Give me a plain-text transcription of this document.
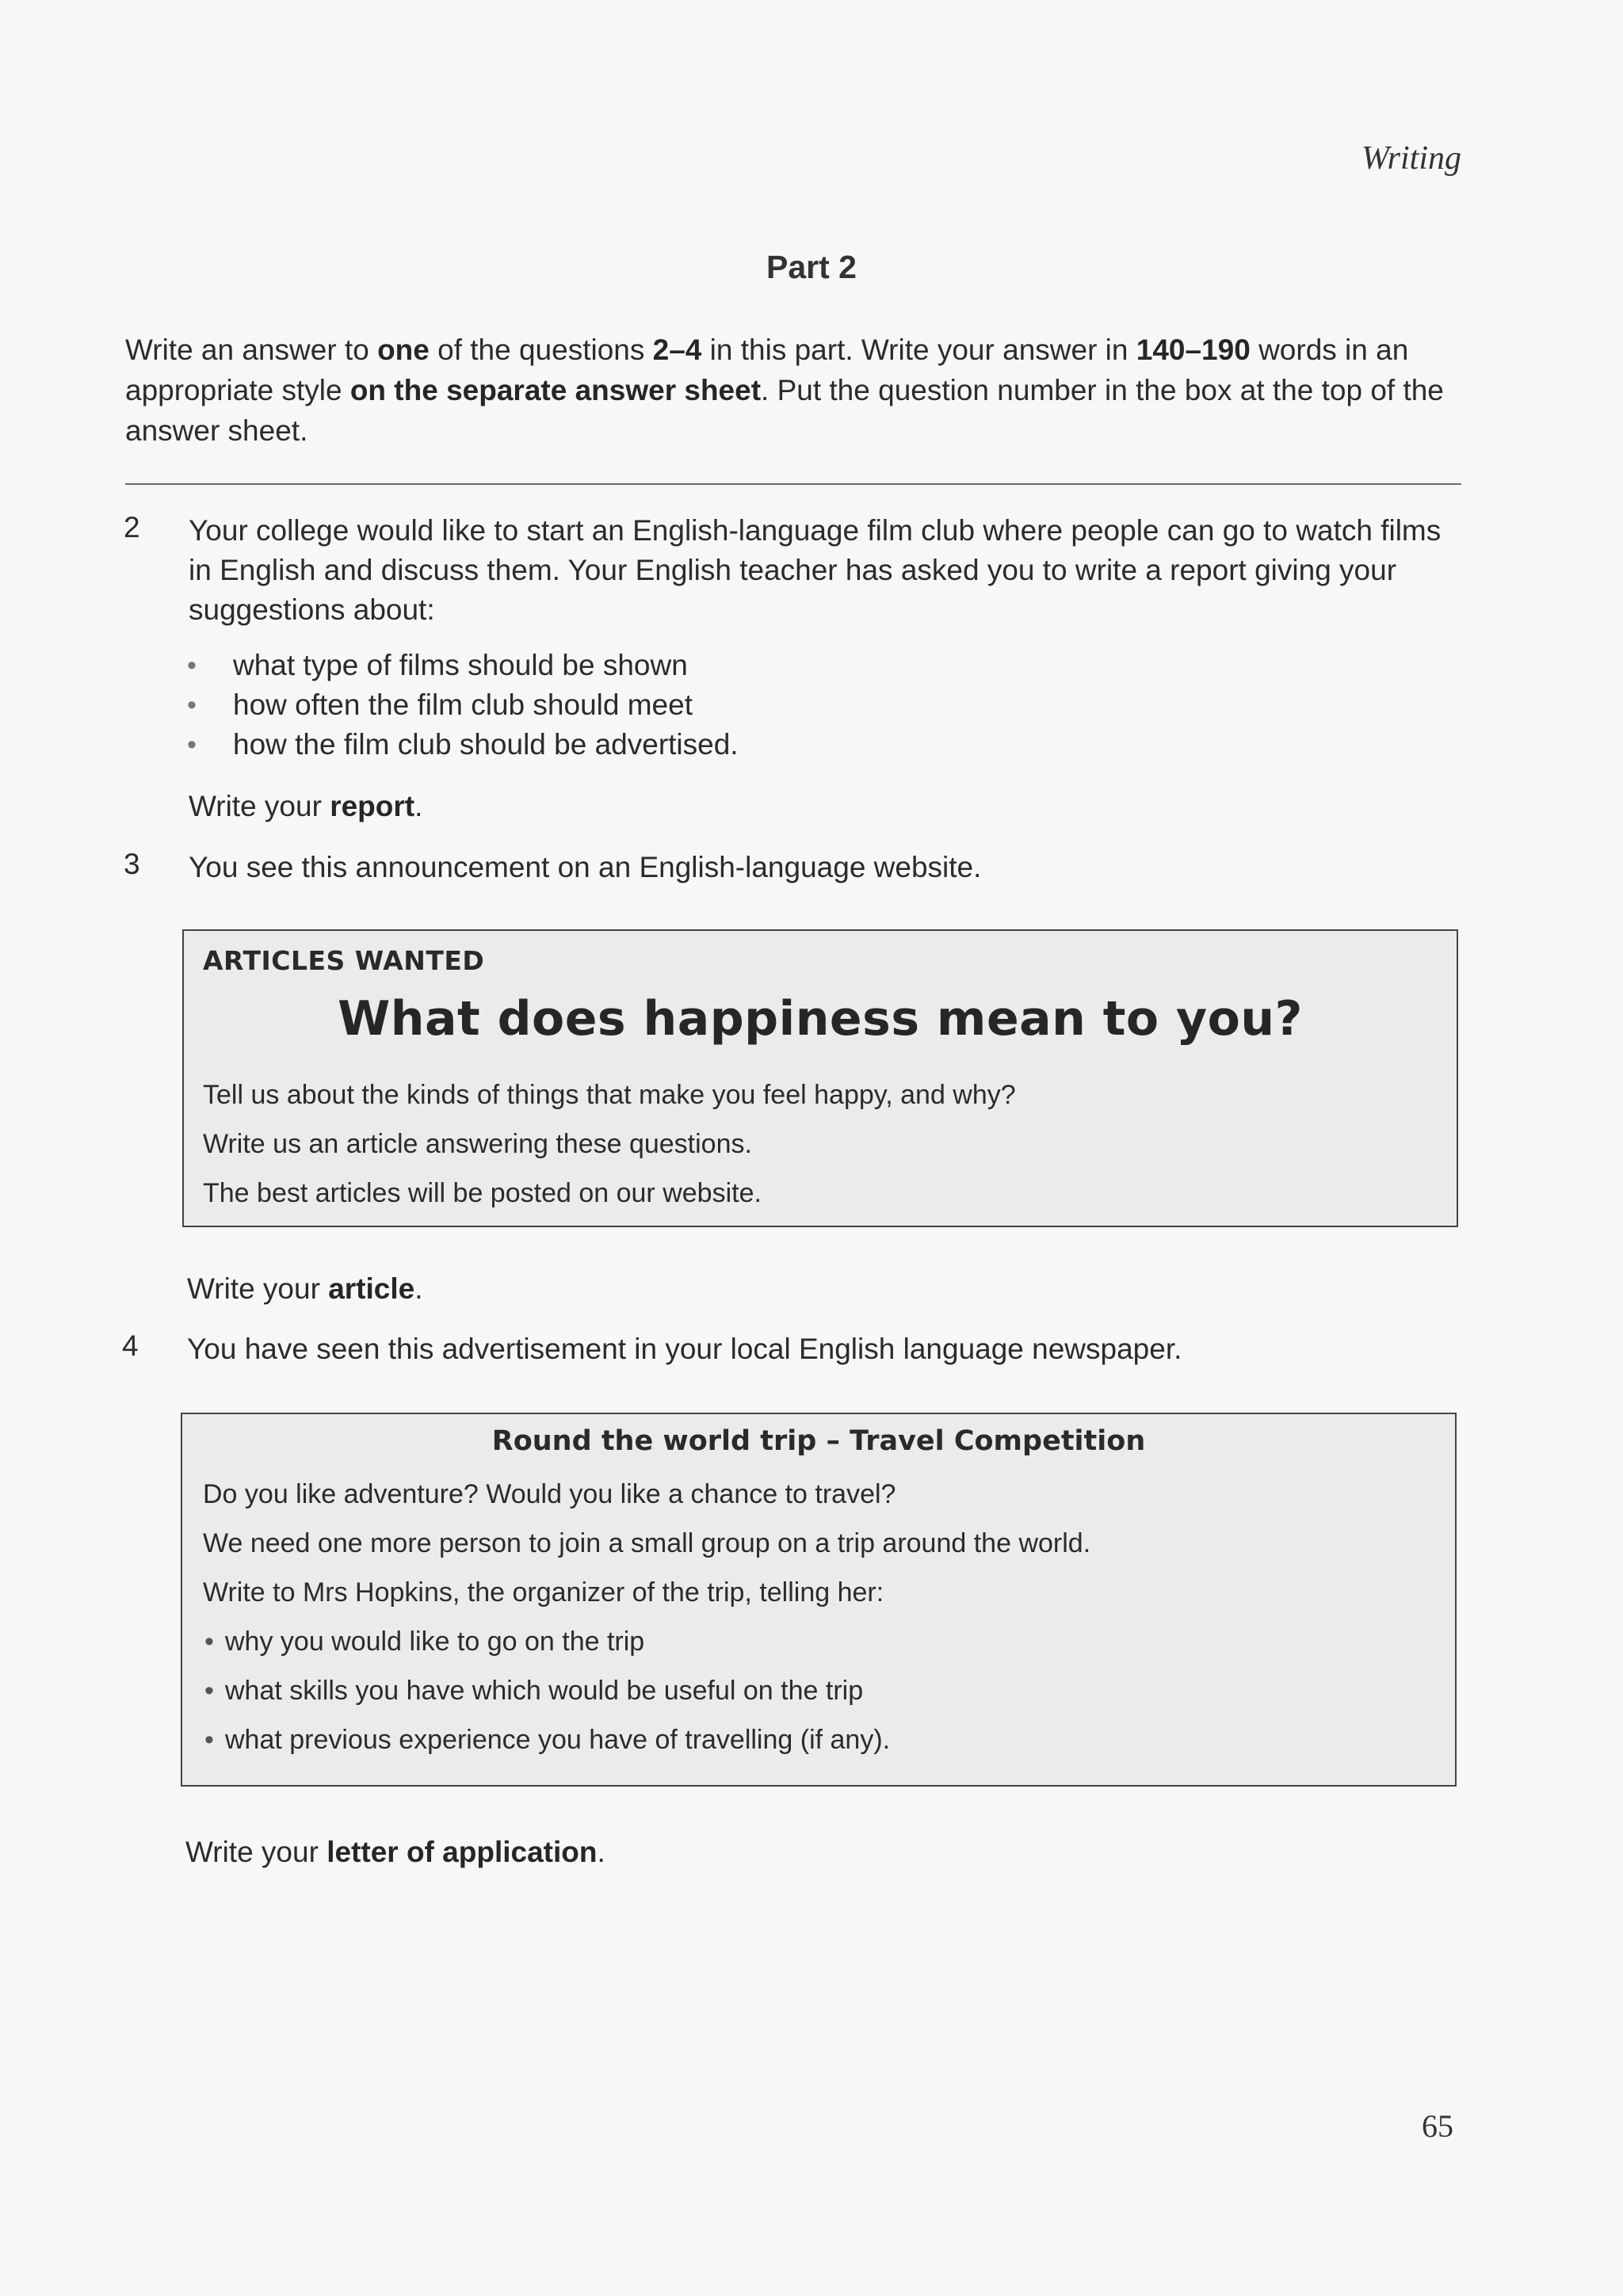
Writing
Part 2
Write an answer to one of the questions 2–4 in this part. Write your answer in 140–190 words in an appropriate style on the separate answer sheet. Put the question number in the box at the top of the answer sheet.
2 Your college would like to start an English-language film club where people can go to watch films in English and discuss them. Your English teacher has asked you to write a report giving your suggestions about:
• what type of films should be shown
• how often the film club should meet
• how the film club should be advertised.
Write your report.
3 You see this announcement on an English-language website.
ARTICLES WANTED
What does happiness mean to you?
Tell us about the kinds of things that make you feel happy, and why?
Write us an article answering these questions.
The best articles will be posted on our website.
Write your article.
4 You have seen this advertisement in your local English language newspaper.
Round the world trip – Travel Competition
Do you like adventure? Would you like a chance to travel?
We need one more person to join a small group on a trip around the world.
Write to Mrs Hopkins, the organizer of the trip, telling her:
• why you would like to go on the trip
• what skills you have which would be useful on the trip
• what previous experience you have of travelling (if any).
Write your letter of application.
65
